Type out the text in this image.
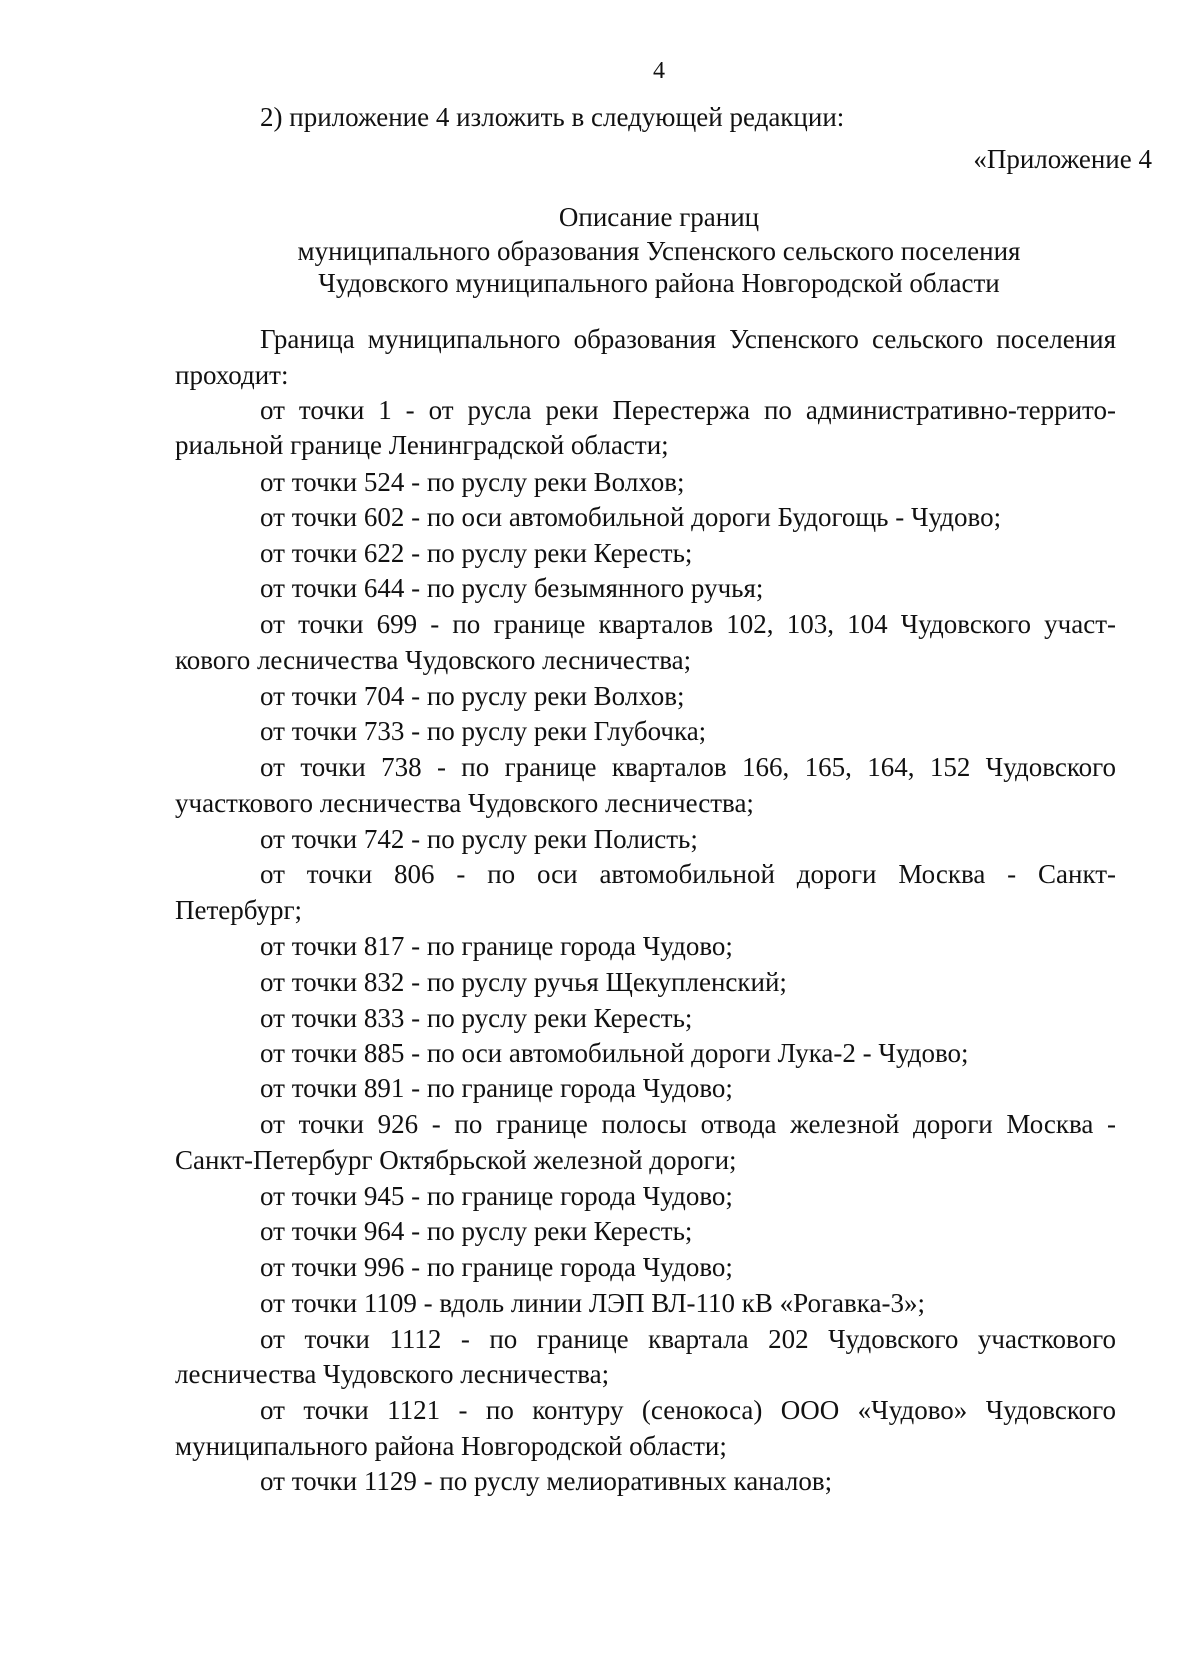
4
2) приложение 4 изложить в следующей редакции:
«Приложение 4
Описание границ
муниципального образования Успенского сельского поселения
Чудовского муниципального района Новгородской области
Граница муниципального образования Успенского сельского поселения
проходит:
от точки 1 - от русла реки Перестержа по административно-террито-
риальной границе Ленинградской области;
от точки 524 - по руслу реки Волхов;
от точки 602 - по оси автомобильной дороги Будогощь - Чудово;
от точки 622 - по руслу реки Кересть;
от точки 644 - по руслу безымянного ручья;
от точки 699 - по границе кварталов 102, 103, 104 Чудовского участ-
кового лесничества Чудовского лесничества;
от точки 704 - по руслу реки Волхов;
от точки 733 - по руслу реки Глубочка;
от точки 738 - по границе кварталов 166, 165, 164, 152 Чудовского
участкового лесничества Чудовского лесничества;
от точки 742 - по руслу реки Полисть;
от точки 806 - по оси автомобильной дороги Москва - Санкт-
Петербург;
от точки 817 - по границе города Чудово;
от точки 832 - по руслу ручья Щекупленский;
от точки 833 - по руслу реки Кересть;
от точки 885 - по оси автомобильной дороги Лука-2 - Чудово;
от точки 891 - по границе города Чудово;
от точки 926 - по границе полосы отвода железной дороги Москва -
Санкт-Петербург Октябрьской железной дороги;
от точки 945 - по границе города Чудово;
от точки 964 - по руслу реки Кересть;
от точки 996 - по границе города Чудово;
от точки 1109 - вдоль линии ЛЭП ВЛ-110 кВ «Рогавка-3»;
от точки 1112 - по границе квартала 202 Чудовского участкового
лесничества Чудовского лесничества;
от точки 1121 - по контуру (сенокоса) ООО «Чудово» Чудовского
муниципального района Новгородской области;
от точки 1129 - по руслу мелиоративных каналов;
